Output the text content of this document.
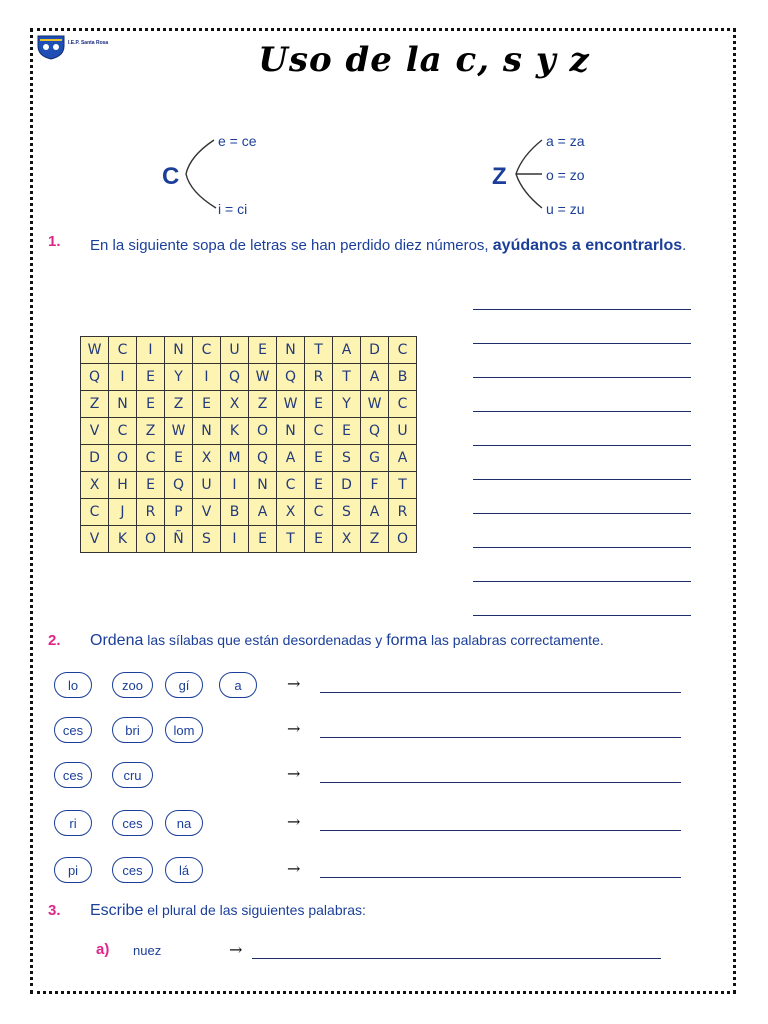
I.E.P. Santa Rosa	Uso de la c, s y z
C
e = ce
i = ci
Z
a = za
o = zo
u = zu
1. En la siguiente sopa de letras se han perdido diez números, ayúdanos a encontrarlos.
W	C	I	N	C	U	E	N	T	A	D	C
Q	I	E	Y	I	Q	W	Q	R	T	A	B
Z	N	E	Z	E	X	Z	W	E	Y	W	C
V	C	Z	W	N	K	O	N	C	E	Q	U
D	O	C	E	X	M	Q	A	E	S	G	A
X	H	E	Q	U	I	N	C	E	D	F	T
C	J	R	P	V	B	A	X	C	S	A	R
V	K	O	Ñ	S	I	E	T	E	X	Z	O
2. Ordena las sílabas que están desordenadas y forma las palabras correctamente.
lo	zoo	gí	a	→
ces	bri	lom	→
ces	cru	→
ri	ces	na	→
pi	ces	lá	→
3. Escribe el plural de las siguientes palabras:
a) nuez	→
